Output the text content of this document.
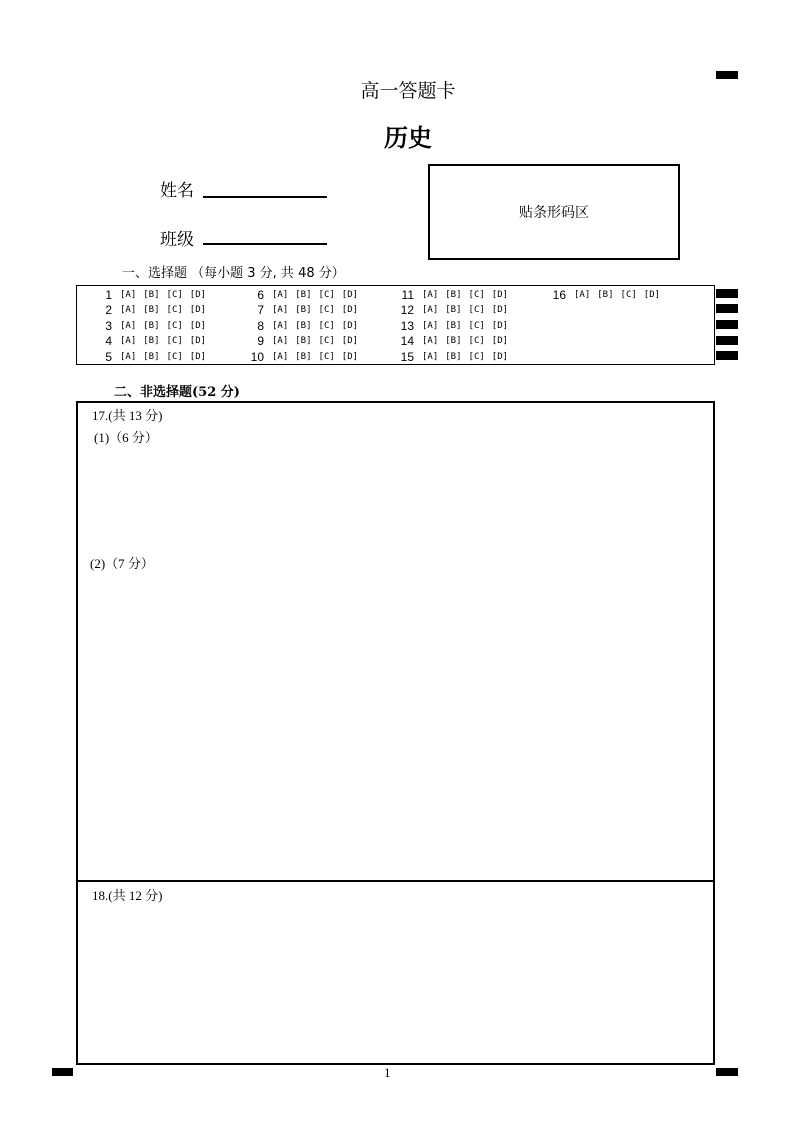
高一答题卡
历史
姓名
班级
贴条形码区
一、选择题 （每小题 3 分, 共 48 分）
1 [A] [B] [C] [D]
2 [A] [B] [C] [D]
3 [A] [B] [C] [D]
4 [A] [B] [C] [D]
5 [A] [B] [C] [D]
6 [A] [B] [C] [D]
7 [A] [B] [C] [D]
8 [A] [B] [C] [D]
9 [A] [B] [C] [D]
10 [A] [B] [C] [D]
11 [A] [B] [C] [D]
12 [A] [B] [C] [D]
13 [A] [B] [C] [D]
14 [A] [B] [C] [D]
15 [A] [B] [C] [D]
16 [A] [B] [C] [D]
二、非选择题(52 分)
17.(共 13 分)
(1)（6 分）
(2)（7 分）
18.(共 12 分)
1
